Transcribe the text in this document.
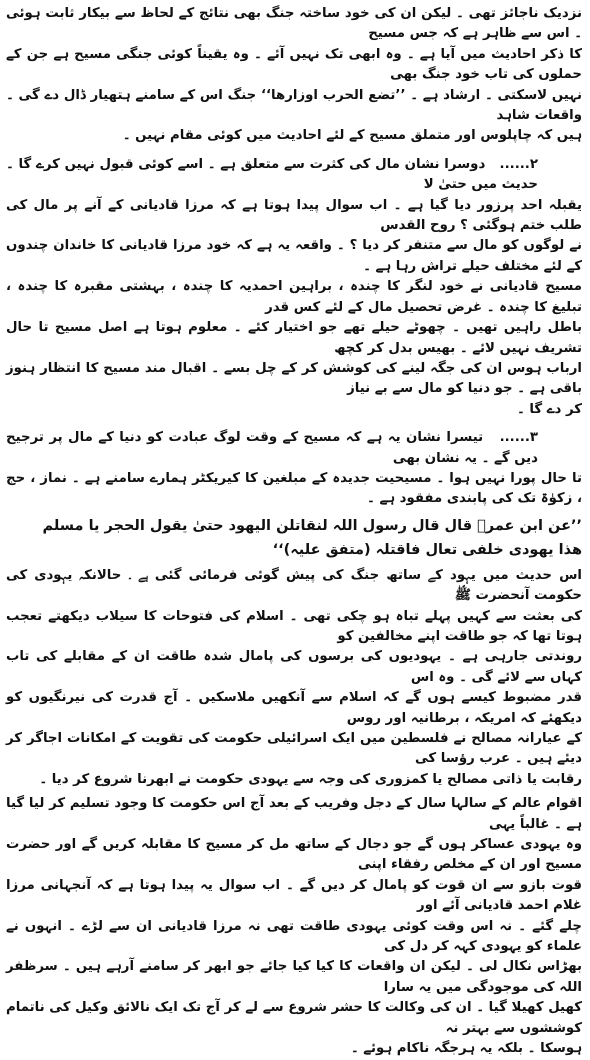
نزدیک ناجائز تھی ۔ لیکن ان کی خود ساختہ جنگ بھی نتائج کے لحاظ سے بیکار ثابت ہوئی ۔ اس سے ظاہر ہے کہ جس مسیح

کا ذکر احادیث میں آیا ہے ۔ وہ ابھی تک نہیں آئے ۔ وہ یقیناً کوئی جنگی مسیح ہے جن کے حملوں کی تاب خود جنگ بھی

نہیں لاسکتی ۔ ارشاد ہے ۔ ’’تضع الحرب اوزارھا‘‘ جنگ اس کے سامنے ہتھیار ڈال دے گی ۔ واقعات شاہد

ہیں کہ چاپلوس اور متملق مسیح کے لئے احادیث میں کوئی مقام نہیں ۔

۲......   دوسرا نشان مال کی کثرت سے متعلق ہے ۔ اسے کوئی قبول نہیں کرے گا ۔ حدیث میں حتیٰ لا

یقبلہ احد پرزور دیا گیا ہے ۔ اب سوال پیدا ہوتا ہے کہ مرزا قادیانی کے آنے پر مال کی طلب ختم ہوگئی ؟ روح القدس

نے لوگوں کو مال سے متنفر کر دیا ؟ ۔ واقعہ یہ ہے کہ خود مرزا قادیانی کا خاندان چندوں کے لئے مختلف حیلے تراش رہا ہے ۔

مسیح قادیانی نے خود لنگر کا چندہ ، براہین احمدیہ کا چندہ ، بہشتی مقبرہ کا چندہ ، تبلیغ کا چندہ ۔ غرض تحصیل مال کے لئے کس قدر

باطل راہیں تھیں ۔ چھوٹے حیلے تھے جو اختیار کئے ۔ معلوم ہوتا ہے اصل مسیح تا حال تشریف نہیں لائے ۔ بھیس بدل کر کچھ

ارباب ہوس ان کی جگہ لینے کی کوشش کر کے چل بسے ۔ اقبال مند مسیح کا انتظار ہنوز باقی ہے ۔ جو دنیا کو مال سے بے نیاز

کر دے گا ۔

۳......   تیسرا نشان یہ ہے کہ مسیح کے وقت لوگ عبادت کو دنیا کے مال پر ترجیح دیں گے ۔ یہ نشان بھی

تا حال پورا نہیں ہوا ۔ مسیحیت جدیدہ کے مبلغین کا کیریکٹر ہمارے سامنے ہے ۔ نماز ، حج ، زکوٰۃ تک کی پابندی مفقود ہے ۔

’’عن ابن عمرؓ قال قال رسول اللہ لنقاتلن الیھود حتیٰ یقول الحجر یا مسلم

ھذا یھودی خلفی تعال فاقتلہ (متفق علیہ)‘‘

اس حدیث میں یہود کے ساتھ جنگ کی پیش گوئی فرمائی گئی ہے ۔ حالانکہ یہودی کی حکومت آنحضرت ﷺ

کی بعثت سے کہیں پہلے تباہ ہو چکی تھی ۔ اسلام کی فتوحات کا سیلاب دیکھتے تعجب ہوتا تھا کہ جو طاقت اپنے مخالفین کو

روندتی جارہی ہے ۔ یہودیوں کی برسوں کی پامال شدہ طاقت ان کے مقابلے کی تاب کہاں سے لائے گی ۔ وہ اس

قدر مضبوط کیسے ہوں گے کہ اسلام سے آنکھیں ملاسکیں ۔ آج قدرت کی نیرنگیوں کو دیکھئے کہ امریکہ ، برطانیہ اور روس

کے عیارانہ مصالح نے فلسطین میں ایک اسرائیلی حکومت کی تقویت کے امکانات اجاگر کر دیئے ہیں ۔ عرب رؤسا کی

رقابت یا ذاتی مصالح یا کمزوری کی وجہ سے یہودی حکومت نے ابھرنا شروع کر دیا ۔

اقوام عالم کے سالہا سال کے دجل وفریب کے بعد آج اس حکومت کا وجود تسلیم کر لیا گیا ہے ۔ غالباً یہی

وہ یہودی عساکر ہوں گے جو دجال کے ساتھ مل کر مسیح کا مقابلہ کریں گے اور حضرت مسیح اور ان کے مخلص رفقاء اپنی

قوت بازو سے ان قوت کو پامال کر دیں گے ۔ اب سوال یہ پیدا ہوتا ہے کہ آنجہانی مرزا غلام احمد قادیانی آئے اور

چلے گئے ۔ نہ اس وقت کوئی یہودی طاقت تھی نہ مرزا قادیانی ان سے لڑے ۔ انہوں نے علماء کو یہودی کہہ کر دل کی

بھڑاس نکال لی ۔ لیکن ان واقعات کا کیا کیا جائے جو ابھر کر سامنے آرہے ہیں ۔ سرظفر اللہ کی موجودگی میں یہ سارا

کھیل کھیلا گیا ۔ ان کی وکالت کا حشر شروع سے لے کر آج تک ایک نالائق وکیل کی ناتمام کوششوں سے بہتر نہ

ہوسکا ۔ بلکہ یہ ہرجگہ ناکام ہوئے ۔
